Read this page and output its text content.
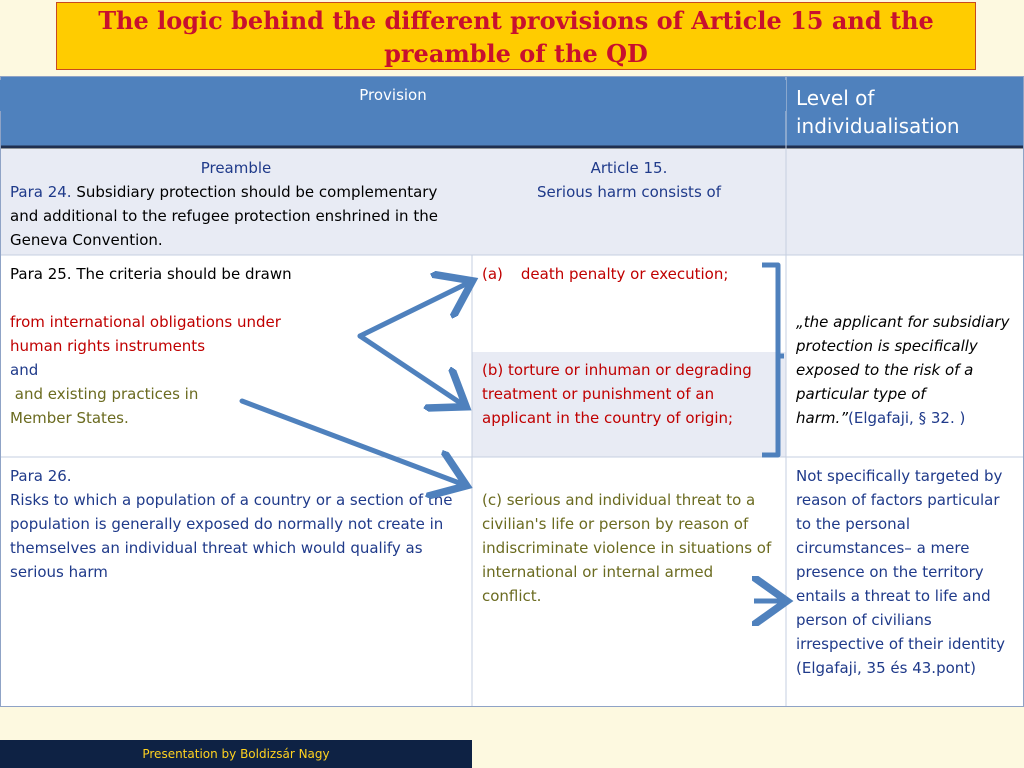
The logic behind the different provisions of Article 15 and the
preamble of the QD
Provision	Level of individualisation
Preamble
Para 24. Subsidiary protection should be complementary and additional to the refugee protection enshrined in the Geneva Convention.
Article 15.
Serious harm consists of
Para 25. The criteria should be drawn
from international obligations under human rights instruments
and
and existing practices in Member States.
(a) death penalty or execution;
(b) torture or inhuman or degrading treatment or punishment of an applicant in the country of origin;
„the applicant for subsidiary protection is specifically exposed to the risk of a particular type of harm.”(Elgafaji, § 32. )
Para 26.
Risks to which a population of a country or a section of the population is generally exposed do normally not create in themselves an individual threat which would qualify as serious harm
(c) serious and individual threat to a civilian's life or person by reason of indiscriminate violence in situations of international or internal armed conflict.
Not specifically targeted by reason of factors particular to the personal circumstances– a mere presence on the territory entails a threat to life and person of civilians irrespective of their identity
(Elgafaji, 35 és 43.pont)
Presentation by Boldizsár Nagy
